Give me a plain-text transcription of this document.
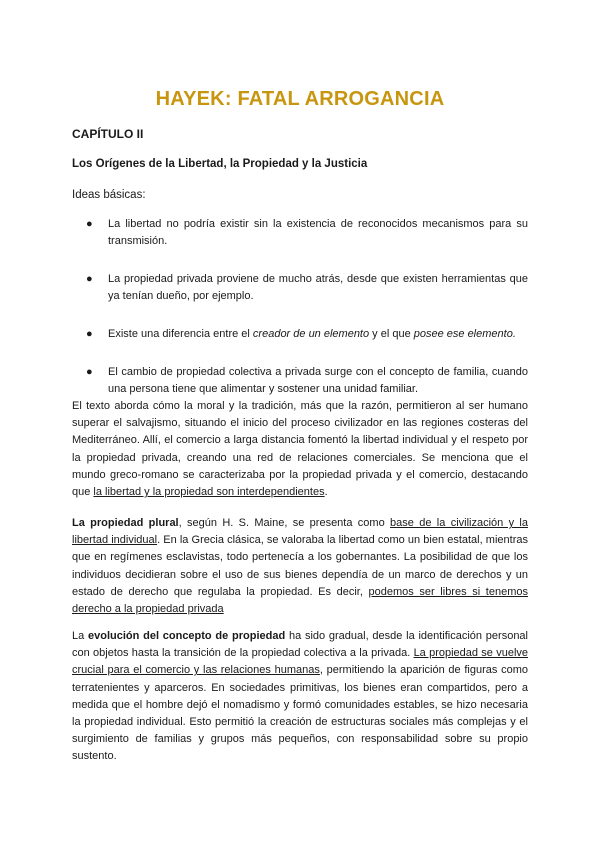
HAYEK: FATAL ARROGANCIA
CAPÍTULO II
Los Orígenes de la Libertad, la Propiedad y la Justicia
Ideas básicas:
● La libertad no podría existir sin la existencia de reconocidos mecanismos para su transmisión.
● La propiedad privada proviene de mucho atrás, desde que existen herramientas que ya tenían dueño, por ejemplo.
● Existe una diferencia entre el creador de un elemento y el que posee ese elemento.
● El cambio de propiedad colectiva a privada surge con el concepto de familia, cuando una persona tiene que alimentar y sostener una unidad familiar.

El texto aborda cómo la moral y la tradición, más que la razón, permitieron al ser humano superar el salvajismo, situando el inicio del proceso civilizador en las regiones costeras del Mediterráneo. Allí, el comercio a larga distancia fomentó la libertad individual y el respeto por la propiedad privada, creando una red de relaciones comerciales. Se menciona que el mundo greco-romano se caracterizaba por la propiedad privada y el comercio, destacando que la libertad y la propiedad son interdependientes.

La propiedad plural, según H. S. Maine, se presenta como base de la civilización y la libertad individual. En la Grecia clásica, se valoraba la libertad como un bien estatal, mientras que en regímenes esclavistas, todo pertenecía a los gobernantes. La posibilidad de que los individuos decidieran sobre el uso de sus bienes dependía de un marco de derechos y un estado de derecho que regulaba la propiedad. Es decir, podemos ser libres si tenemos derecho a la propiedad privada

La evolución del concepto de propiedad ha sido gradual, desde la identificación personal con objetos hasta la transición de la propiedad colectiva a la privada. La propiedad se vuelve crucial para el comercio y las relaciones humanas, permitiendo la aparición de figuras como terratenientes y aparceros. En sociedades primitivas, los bienes eran compartidos, pero a medida que el hombre dejó el nomadismo y formó comunidades estables, se hizo necesaria la propiedad individual. Esto permitió la creación de estructuras sociales más complejas y el surgimiento de familias y grupos más pequeños, con responsabilidad sobre su propio sustento.
